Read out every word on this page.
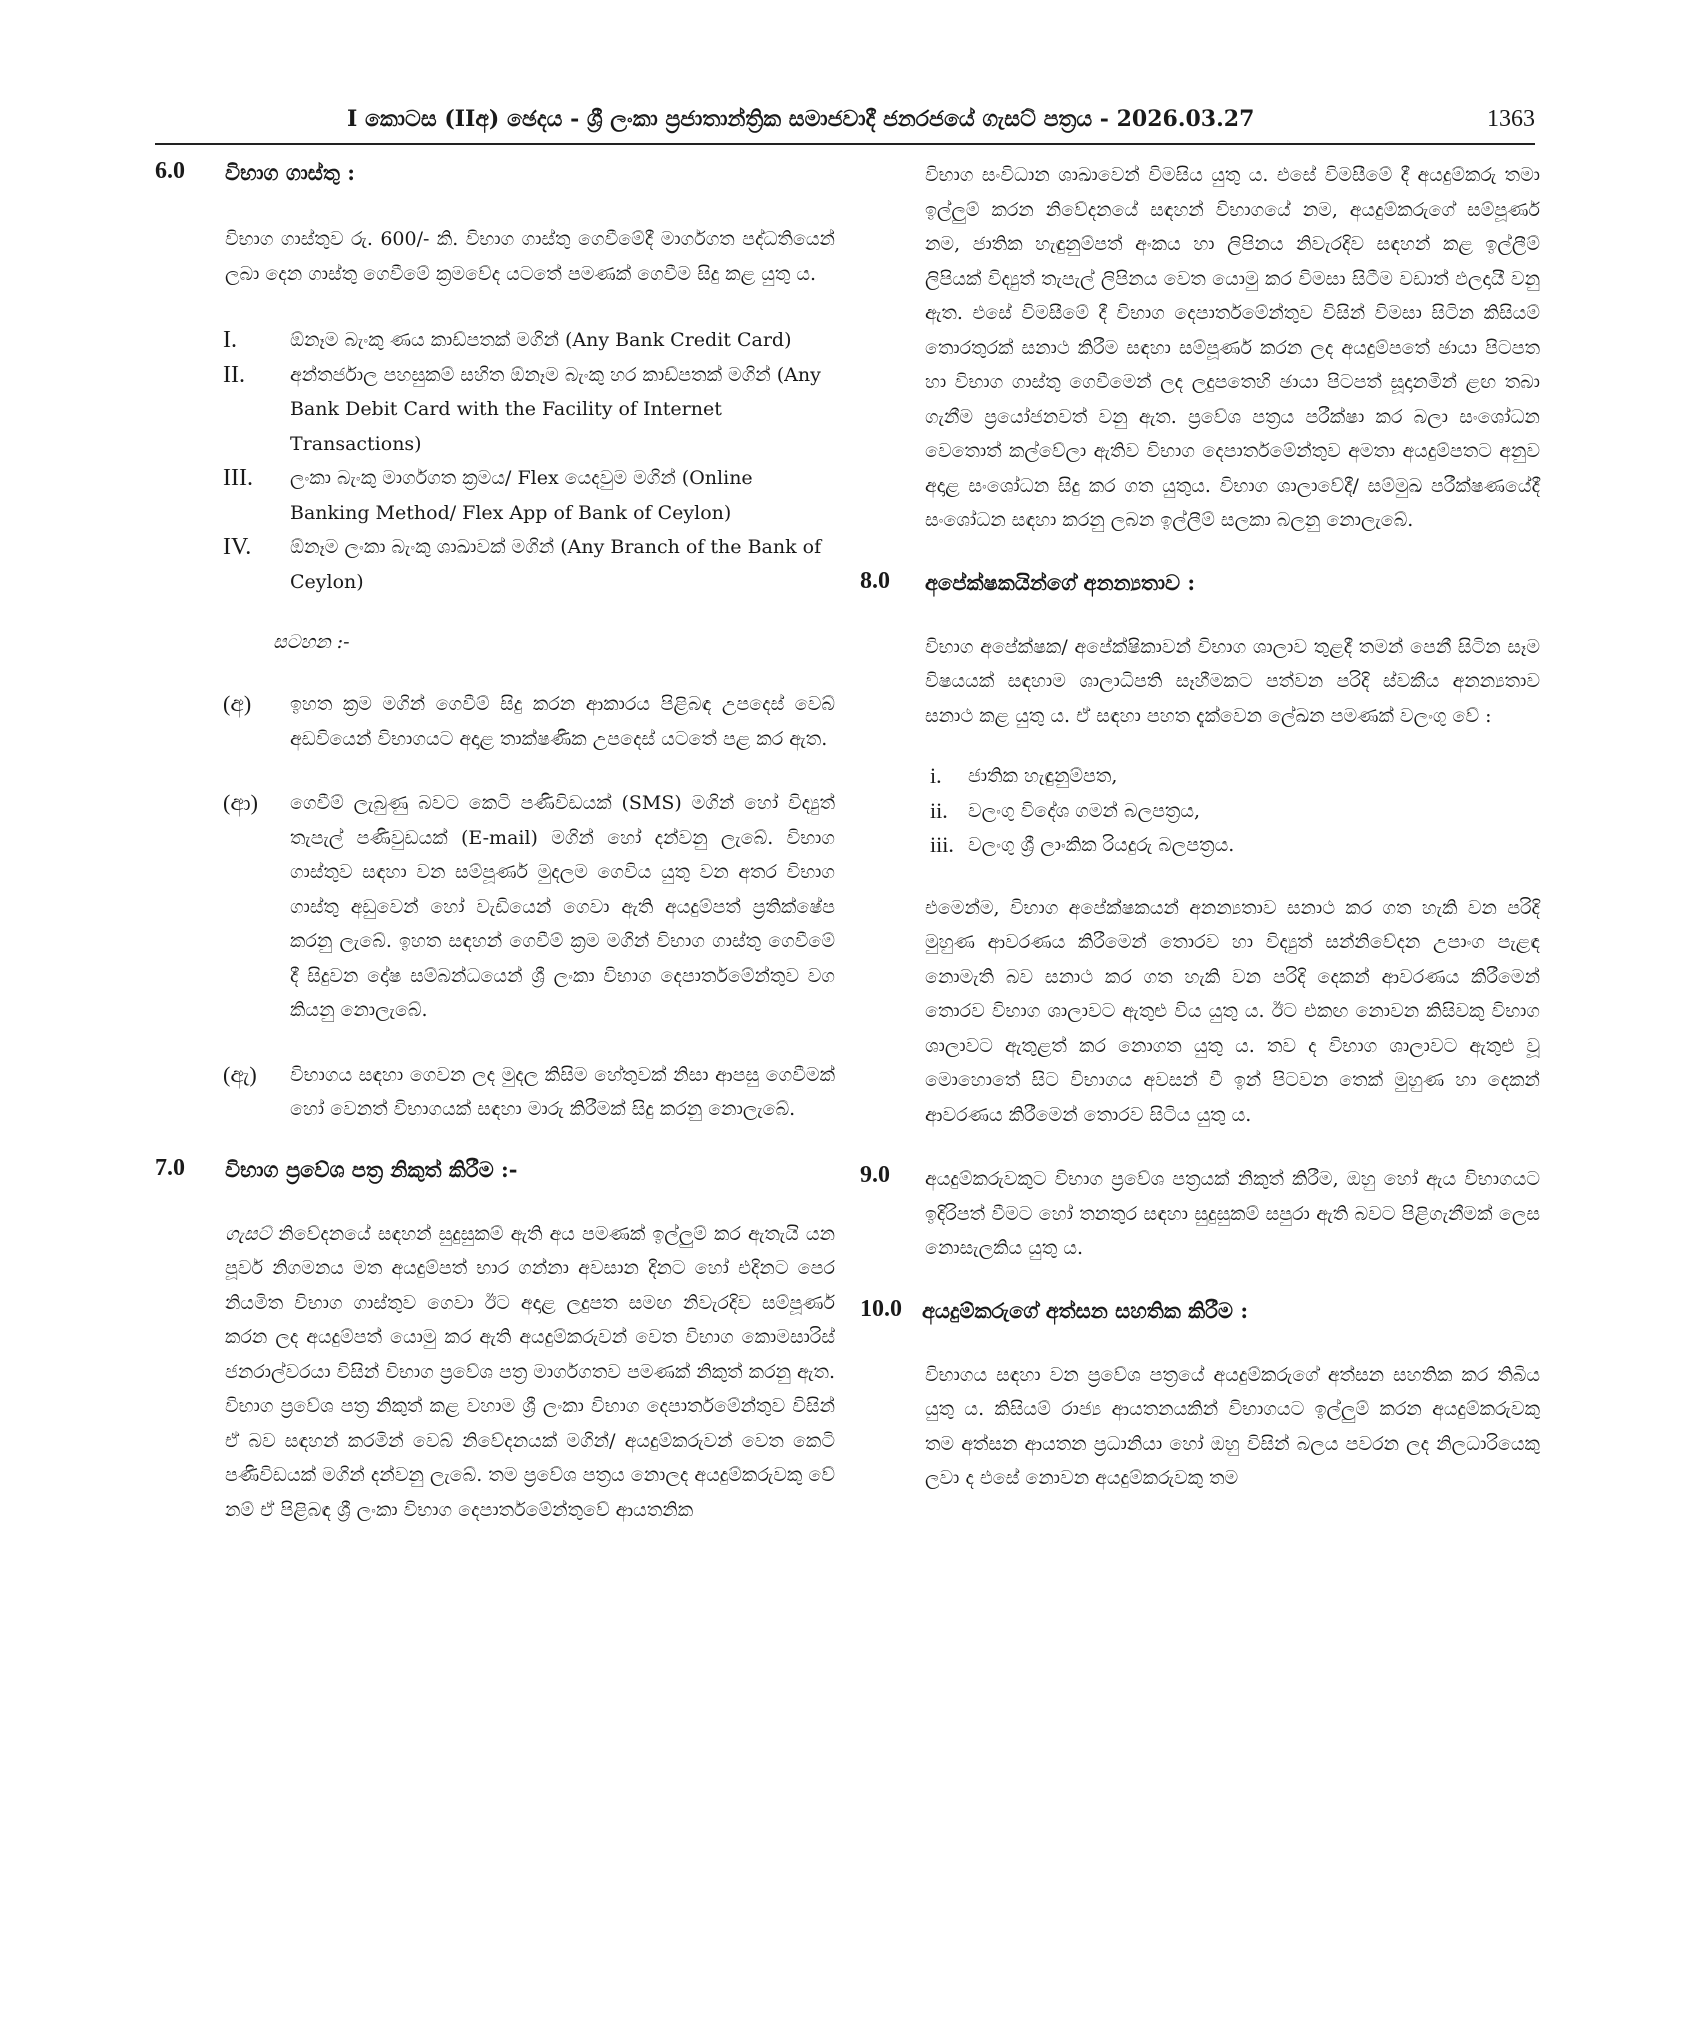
I කොටස (IIඅ) ඡෙදය - ශ්‍රී ලංකා ප්‍රජාතාන්ත්‍රික සමාජවාදී ජනරජයේ ගැසට් පත්‍රය - 2026.03.27	1363
6.0 විභාග ගාස්තු :

විභාග ගාස්තුව රු. 600/- කි. විභාග ගාස්තු ගෙවීමේදී මාර්ගගත පද්ධතියෙන් ලබා දෙන ගාස්තු ගෙවීමේ ක්‍රමවේද යටතේ පමණක් ගෙවීම සිදු කළ යුතු ය.

I.	ඕනෑම බැංකු ණය කාඩ්පතක් මගින් (Any Bank Credit Card)
II. අන්තර්ජාල පහසුකම් සහිත ඕනෑම බැංකු හර කාඩ්පතක් මගින් (Any Bank Debit Card with the Facility of Internet Transactions)
III. ලංකා බැංකු මාර්ගගත ක්‍රමය/ Flex යෙදවුම මගින් (Online Banking Method/ Flex App of Bank of Ceylon)
IV. ඕනෑම ලංකා බැංකු ශාඛාවක් මගින් (Any Branch of the Bank of Ceylon)
සටහන :-
(අ) ඉහත ක්‍රම මගින් ගෙවීම් සිදු කරන ආකාරය පිළිබඳ උපදෙස් වෙබ් අඩවියෙන් විභාගයට අදාළ තාක්ෂණික උපදෙස් යටතේ පළ කර ඇත.
(ආ) ගෙවීම් ලැබුණු බවට කෙටි පණිවිඩයක් (SMS) මගින් හෝ විද්‍යුත් තැපැල් පණිවුඩයක් (E-mail) මගින් හෝ දන්වනු ලැබේ. විභාග ගාස්තුව සඳහා වන සම්පූර්ණ මුදලම ගෙවිය යුතු වන අතර විභාග ගාස්තු අඩුවෙන් හෝ වැඩියෙන් ගෙවා ඇති අයදුම්පත් ප්‍රතික්ෂේප කරනු ලැබේ. ඉහත සඳහන් ගෙවීම් ක්‍රම මගින් විභාග ගාස්තු ගෙවීමේ දී සිදුවන දෝෂ සම්බන්ධයෙන් ශ්‍රී ලංකා විභාග දෙපාර්තමේන්තුව වග කියනු නොලැබේ.
(ඇ) විභාගය සඳහා ගෙවන ලද මුදල කිසිම හේතුවක් නිසා ආපසු ගෙවීමක් හෝ වෙනත් විභාගයක් සඳහා මාරු කිරීමක් සිදු කරනු නොලැබේ.
7.0 විභාග ප්‍රවේශ පත්‍ර නිකුත් කිරීම :-

ගැසට් නිවේදනයේ සඳහන් සුදුසුකම් ඇති අය පමණක් ඉල්ලුම් කර ඇතැයි යන පූර්ව නිගමනය මත අයදුම්පත් භාර ගන්නා අවසාන දිනට හෝ එදිනට පෙර නියමිත විභාග ගාස්තුව ගෙවා ඊට අදාළ ලදුපත සමඟ නිවැරදිව සම්පූර්ණ කරන ලද අයදුම්පත් යොමු කර ඇති අයදුම්කරුවන් වෙත විභාග කොමසාරිස් ජනරාල්වරයා විසින් විභාග ප්‍රවේශ පත්‍ර මාර්ගගතව පමණක් නිකුත් කරනු ඇත. විභාග ප්‍රවේශ පත්‍ර නිකුත් කළ වහාම ශ්‍රී ලංකා විභාග දෙපාර්තමේන්තුව විසින් ඒ බව සඳහන් කරමින් වෙබ් නිවේදනයක් මගින්/ අයදුම්කරුවන් වෙත කෙටි පණිවිඩයක් මගින් දන්වනු ලැබේ. තම ප්‍රවේශ පත්‍රය නොලද අයදුම්කරුවකු වේ නම් ඒ පිළිබඳ ශ්‍රී ලංකා විභාග දෙපාර්තමේන්තුවේ ආයතනික

විභාග සංවිධාන ශාඛාවෙන් විමසිය යුතු ය. එසේ විමසීමේ දී අයදුම්කරු තමා ඉල්ලුම් කරන නිවේදනයේ සඳහන් විභාගයේ නම, අයදුම්කරුගේ සම්පූර්ණ නම, ජාතික හැඳුනුම්පත් අංකය හා ලිපිනය නිවැරදිව සඳහන් කළ ඉල්ලීම් ලිපියක් විද්‍යුත් තැපැල් ලිපිනය වෙත යොමු කර විමසා සිටීම වඩාත් ඵලදායී වනු ඇත. එසේ විමසීමේ දී විභාග දෙපාර්තමේන්තුව විසින් විමසා සිටින කිසියම් තොරතුරක් සනාථ කිරීම සඳහා සම්පූර්ණ කරන ලද අයදුම්පතේ ඡායා පිටපත හා විභාග ගාස්තු ගෙවීමෙන් ලද ලදුපතෙහි ඡායා පිටපත් සූදානමින් ළඟ තබා ගැනීම ප්‍රයෝජනවත් වනු ඇත. ප්‍රවේශ පත්‍රය පරීක්ෂා කර බලා සංශෝධන වෙතොත් කල්වේලා ඇතිව විභාග දෙපාර්තමේන්තුව අමතා අයදුම්පතට අනුව අදාළ සංශෝධන සිදු කර ගත යුතුය. විභාග ශාලාවේදී/ සම්මුඛ පරීක්ෂණයේදී සංශෝධන සඳහා කරනු ලබන ඉල්ලීම් සලකා බලනු නොලැබේ.

8.0 අපේක්ෂකයින්ගේ අනන්‍යතාව :

විභාග අපේක්ෂක/ අපේක්ෂිකාවන් විභාග ශාලාව තුළදී තමන් පෙනී සිටින සෑම විෂයයක් සඳහාම ශාලාධිපති සෑහීමකට පත්වන පරිදි ස්වකීය අනන්‍යතාව සනාථ කළ යුතු ය. ඒ සඳහා පහත දැක්වෙන ලේඛන පමණක් වලංගු වේ :

i. ජාතික හැඳුනුම්පත,
ii. වලංගු විදේශ ගමන් බලපත්‍රය,
iii. වලංගු ශ්‍රී ලාංකික රියදුරු බලපත්‍රය.

එමෙන්ම, විභාග අපේක්ෂකයන් අනන්‍යතාව සනාථ කර ගත හැකි වන පරිදි මුහුණ ආවරණය කිරීමෙන් තොරව හා විද්‍යුත් සන්නිවේදන උපාංග පැළඳ නොමැති බව සනාථ කර ගත හැකි වන පරිදි දෙකන් ආවරණය කිරීමෙන් තොරව විභාග ශාලාවට ඇතුළු විය යුතු ය. ඊට එකඟ නොවන කිසිවකු විභාග ශාලාවට ඇතුළත් කර නොගත යුතු ය. තව ද විභාග ශාලාවට ඇතුළු වූ මොහොතේ සිට විභාගය අවසන් වී ඉන් පිටවන තෙක් මුහුණ හා දෙකන් ආවරණය කිරීමෙන් තොරව සිටිය යුතු ය.

9.0	අයදුම්කරුවකුට විභාග ප්‍රවේශ පත්‍රයක් නිකුත් කිරීම, ඔහු හෝ ඇය විභාගයට ඉදිරිපත් වීමට හෝ තනතුර සඳහා සුදුසුකම් සපුරා ඇති බවට පිළිගැනීමක් ලෙස නොසැලකිය යුතු ය.

10.0 අයදුම්කරුගේ අත්සන සහතික කිරීම :

විභාගය සඳහා වන ප්‍රවේශ පත්‍රයේ අයදුම්කරුගේ අත්සන සහතික කර තිබිය යුතු ය. කිසියම් රාජ්‍ය ආයතනයකින් විභාගයට ඉල්ලුම් කරන අයදුම්කරුවකු තම අත්සන ආයතන ප්‍රධානියා හෝ ඔහු විසින් බලය පවරන ලද නිලධාරියෙකු ලවා ද එසේ නොවන අයදුම්කරුවකු තම
